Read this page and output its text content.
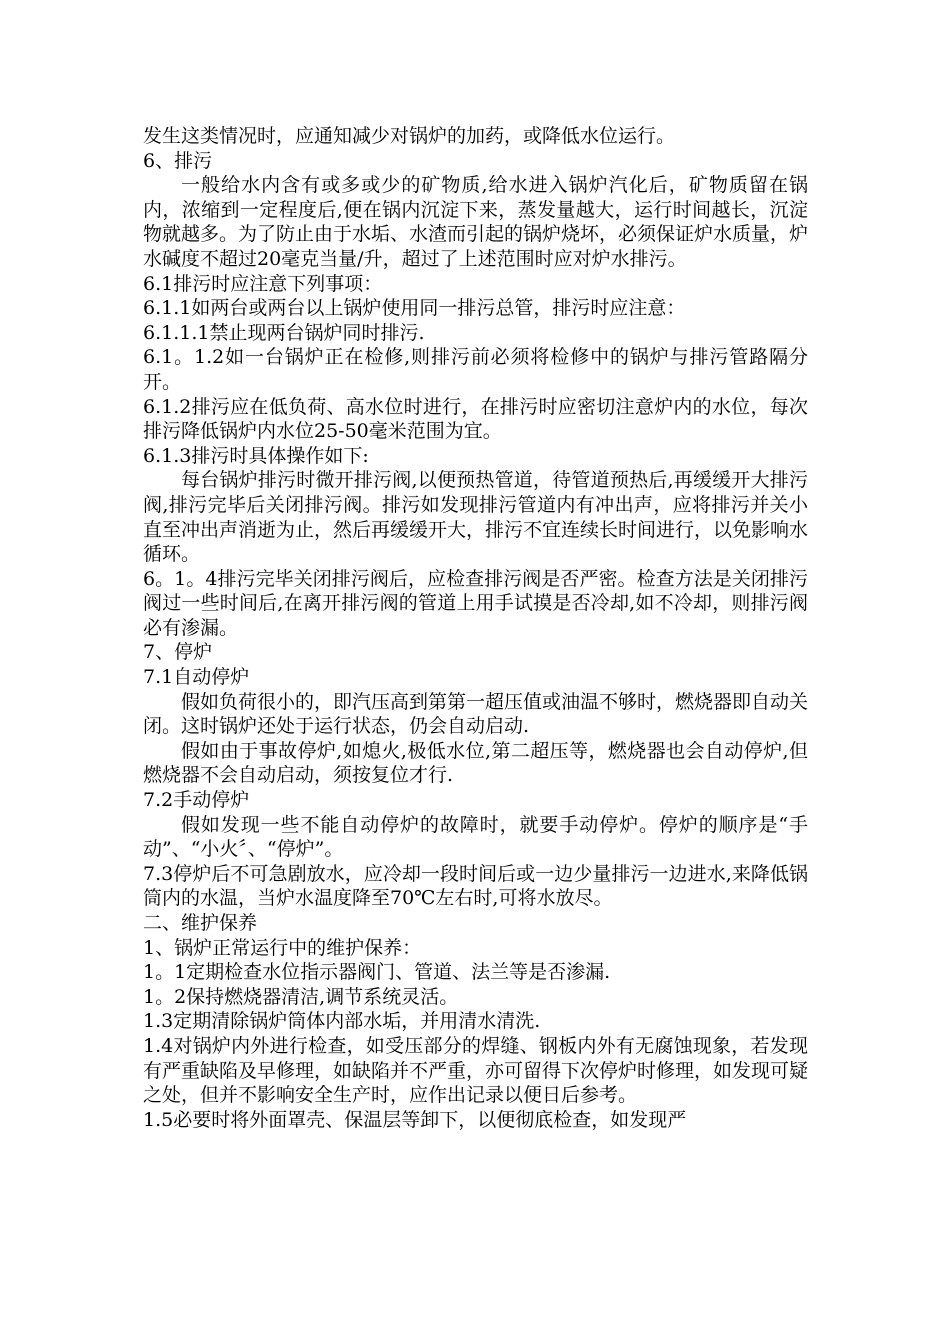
发生这类情况时，应通知减少对锅炉的加药，或降低水位运行。

6、排污

一般给水内含有或多或少的矿物质,给水进入锅炉汽化后，矿物质留在锅内，浓缩到一定程度后,便在锅内沉淀下来，蒸发量越大，运行时间越长，沉淀物就越多。为了防止由于水垢、水渣而引起的锅炉烧坏，必须保证炉水质量，炉水碱度不超过20毫克当量/升，超过了上述范围时应对炉水排污。

6.1排污时应注意下列事项：

6.1.1如两台或两台以上锅炉使用同一排污总管，排污时应注意：

6.1.1.1禁止现两台锅炉同时排污.

6.1。1.2如一台锅炉正在检修,则排污前必须将检修中的锅炉与排污管路隔分开。

6.1.2排污应在低负荷、高水位时进行，在排污时应密切注意炉内的水位，每次排污降低锅炉内水位25-50毫米范围为宜。

6.1.3排污时具体操作如下:

每台锅炉排污时微开排污阀,以便预热管道，待管道预热后,再缓缓开大排污阀,排污完毕后关闭排污阀。排污如发现排污管道内有冲出声，应将排污并关小直至冲出声消逝为止，然后再缓缓开大，排污不宜连续长时间进行，以免影响水循环。

6。1。4排污完毕关闭排污阀后，应检查排污阀是否严密。检查方法是关闭排污阀过一些时间后,在离开排污阀的管道上用手试摸是否冷却,如不冷却，则排污阀必有渗漏。

7、停炉

7.1自动停炉

假如负荷很小的，即汽压高到第第一超压值或油温不够时，燃烧器即自动关闭。这时锅炉还处于运行状态，仍会自动启动.

假如由于事故停炉,如熄火,极低水位,第二超压等，燃烧器也会自动停炉,但燃烧器不会自动启动，须按复位才行.

7.2手动停炉

假如发现一些不能自动停炉的故障时，就要手动停炉。停炉的顺序是“手动”、“小火〞、“停炉”。

7.3停炉后不可急剧放水，应冷却一段时间后或一边少量排污一边进水,来降低锅筒内的水温，当炉水温度降至70℃左右时,可将水放尽。

二、维护保养

1、锅炉正常运行中的维护保养：

1。1定期检查水位指示器阀门、管道、法兰等是否渗漏.

1。2保持燃烧器清洁,调节系统灵活。

1.3定期清除锅炉筒体内部水垢，并用清水清洗.

1.4对锅炉内外进行检查，如受压部分的焊缝、钢板内外有无腐蚀现象，若发现有严重缺陷及早修理，如缺陷并不严重，亦可留得下次停炉时修理，如发现可疑之处，但并不影响安全生产时，应作出记录以便日后参考。

1.5必要时将外面罩壳、保温层等卸下，以便彻底检查，如发现严
